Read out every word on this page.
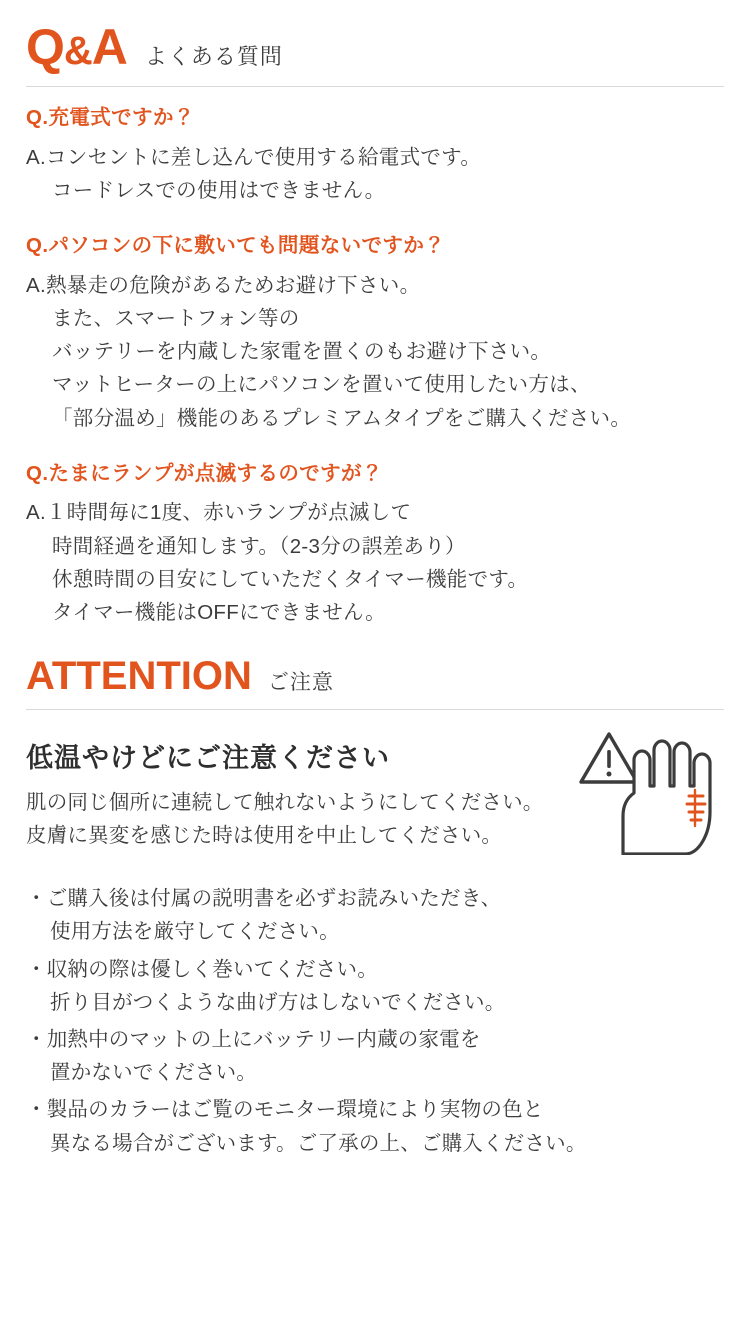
Q&A よくある質問
Q.充電式ですか？
A.コンセントに差し込んで使用する給電式です。
コードレスでの使用はできません。
Q.パソコンの下に敷いても問題ないですか？
A.熱暴走の危険があるためお避け下さい。
また、スマートフォン等の
バッテリーを内蔵した家電を置くのもお避け下さい。
マットヒーターの上にパソコンを置いて使用したい方は、
「部分温め」機能のあるプレミアムタイプをご購入ください。
Q.たまにランプが点滅するのですが？
A.１時間毎に1度、赤いランプが点滅して
時間経過を通知します。（2-3分の誤差あり）
休憩時間の目安にしていただくタイマー機能です。
タイマー機能はOFFにできません。
ATTENTION ご注意
低温やけどにご注意ください
肌の同じ個所に連続して触れないようにしてください。
皮膚に異変を感じた時は使用を中止してください。
・ご購入後は付属の説明書を必ずお読みいただき、
使用方法を厳守してください。
・収納の際は優しく巻いてください。
折り目がつくような曲げ方はしないでください。
・加熱中のマットの上にバッテリー内蔵の家電を
置かないでください。
・製品のカラーはご覧のモニター環境により実物の色と
異なる場合がございます。ご了承の上、ご購入ください。
